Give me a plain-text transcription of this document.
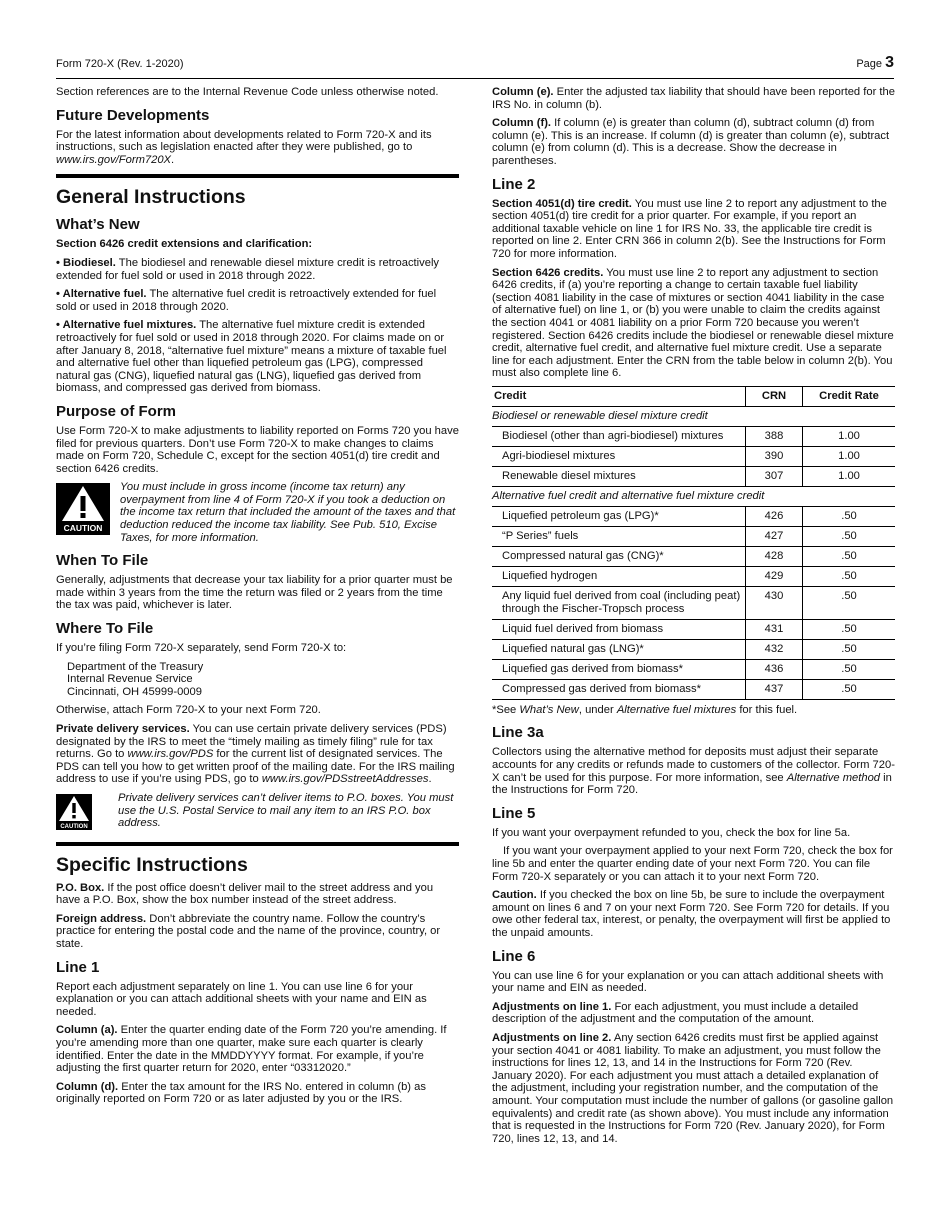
Form 720-X (Rev. 1-2020)	Page 3

Section references are to the Internal Revenue Code unless otherwise noted.

Future Developments

For the latest information about developments related to Form 720-X and its instructions, such as legislation enacted after they were published, go to www.irs.gov/Form720X.

General Instructions
What’s New

Section 6426 credit extensions and clarification:

• Biodiesel. The biodiesel and renewable diesel mixture credit is retroactively extended for fuel sold or used in 2018 through 2022.

• Alternative fuel. The alternative fuel credit is retroactively extended for fuel sold or used in 2018 through 2020.

• Alternative fuel mixtures. The alternative fuel mixture credit is extended retroactively for fuel sold or used in 2018 through 2020. For claims made on or after January 8, 2018, “alternative fuel mixture” means a mixture of taxable fuel and alternative fuel other than liquefied petroleum gas (LPG), compressed natural gas (CNG), liquefied natural gas (LNG), liquefied gas derived from biomass, and compressed gas derived from biomass.

Purpose of Form

Use Form 720-X to make adjustments to liability reported on Forms 720 you have filed for previous quarters. Don’t use Form 720-X to make changes to claims made on Form 720, Schedule C, except for the section 4051(d) tire credit and section 6426 credits.

CAUTION
You must include in gross income (income tax return) any overpayment from line 4 of Form 720-X if you took a deduction on the income tax return that included the amount of the taxes and that deduction reduced the income tax liability. See Pub. 510, Excise Taxes, for more information.
When To File

Generally, adjustments that decrease your tax liability for a prior quarter must be made within 3 years from the time the return was filed or 2 years from the time the tax was paid, whichever is later.

Where To File

If you’re filing Form 720-X separately, send Form 720-X to:

Department of the Treasury
Internal Revenue Service
Cincinnati, OH 45999-0009

Otherwise, attach Form 720-X to your next Form 720.

Private delivery services. You can use certain private delivery services (PDS) designated by the IRS to meet the “timely mailing as timely filing” rule for tax returns. Go to www.irs.gov/PDS for the current list of designated services. The PDS can tell you how to get written proof of the mailing date. For the IRS mailing address to use if you’re using PDS, go to www.irs.gov/PDSstreetAddresses.

CAUTION
Private delivery services can’t deliver items to P.O. boxes. You must use the U.S. Postal Service to mail any item to an IRS P.O. box address.
Specific Instructions

P.O. Box. If the post office doesn’t deliver mail to the street address and you have a P.O. Box, show the box number instead of the street address.

Foreign address. Don’t abbreviate the country name. Follow the country’s practice for entering the postal code and the name of the province, country, or state.

Line 1

Report each adjustment separately on line 1. You can use line 6 for your explanation or you can attach additional sheets with your name and EIN as needed.

Column (a). Enter the quarter ending date of the Form 720 you’re amending. If you’re amending more than one quarter, make sure each quarter is clearly identified. Enter the date in the MMDDYYYY format. For example, if you’re adjusting the first quarter return for 2020, enter “03312020.”

Column (d). Enter the tax amount for the IRS No. entered in column (b) as originally reported on Form 720 or as later adjusted by you or the IRS.

Column (e). Enter the adjusted tax liability that should have been reported for the IRS No. in column (b).

Column (f). If column (e) is greater than column (d), subtract column (d) from column (e). This is an increase. If column (d) is greater than column (e), subtract column (e) from column (d). This is a decrease. Show the decrease in parentheses.

Line 2

Section 4051(d) tire credit. You must use line 2 to report any adjustment to the section 4051(d) tire credit for a prior quarter. For example, if you report an additional taxable vehicle on line 1 for IRS No. 33, the applicable tire credit is reported on line 2. Enter CRN 366 in column 2(b). See the Instructions for Form 720 for more information.

Section 6426 credits. You must use line 2 to report any adjustment to section 6426 credits, if (a) you’re reporting a change to certain taxable fuel liability (section 4081 liability in the case of mixtures or section 4041 liability in the case of alternative fuel) on line 1, or (b) you were unable to claim the credits against the section 4041 or 4081 liability on a prior Form 720 because you weren’t registered. Section 6426 credits include the biodiesel or renewable diesel mixture credit, alternative fuel credit, and alternative fuel mixture credit. Use a separate line for each adjustment. Enter the CRN from the table below in column 2(b). You must also complete line 6.

Credit	CRN	Credit Rate
Biodiesel or renewable diesel mixture credit		
Biodiesel (other than agri-biodiesel) mixtures	388	1.00
Agri-biodiesel mixtures	390	1.00
Renewable diesel mixtures	307	1.00
Alternative fuel credit and alternative fuel mixture credit		
Liquefied petroleum gas (LPG)*	426	.50
“P Series” fuels	427	.50
Compressed natural gas (CNG)*	428	.50
Liquefied hydrogen	429	.50
Any liquid fuel derived from coal (including peat) through the Fischer-Tropsch process	430	.50
Liquid fuel derived from biomass	431	.50
Liquefied natural gas (LNG)*	432	.50
Liquefied gas derived from biomass*	436	.50
Compressed gas derived from biomass*	437	.50

*See What’s New, under Alternative fuel mixtures for this fuel.

Line 3a

Collectors using the alternative method for deposits must adjust their separate accounts for any credits or refunds made to customers of the collector. Form 720-X can’t be used for this purpose. For more information, see Alternative method in the Instructions for Form 720.

Line 5

If you want your overpayment refunded to you, check the box for line 5a.

If you want your overpayment applied to your next Form 720, check the box for line 5b and enter the quarter ending date of your next Form 720. You can file Form 720-X separately or you can attach it to your next Form 720.

Caution. If you checked the box on line 5b, be sure to include the overpayment amount on lines 6 and 7 on your next Form 720. See Form 720 for details. If you owe other federal tax, interest, or penalty, the overpayment will first be applied to the unpaid amounts.

Line 6

You can use line 6 for your explanation or you can attach additional sheets with your name and EIN as needed.

Adjustments on line 1. For each adjustment, you must include a detailed description of the adjustment and the computation of the amount.

Adjustments on line 2. Any section 6426 credits must first be applied against your section 4041 or 4081 liability. To make an adjustment, you must follow the instructions for lines 12, 13, and 14 in the Instructions for Form 720 (Rev. January 2020). For each adjustment you must attach a detailed explanation of the adjustment, including your registration number, and the computation of the amount. Your computation must include the number of gallons (or gasoline gallon equivalents) and credit rate (as shown above). You must include any information that is requested in the Instructions for Form 720 (Rev. January 2020), for Form 720, lines 12, 13, and 14.
